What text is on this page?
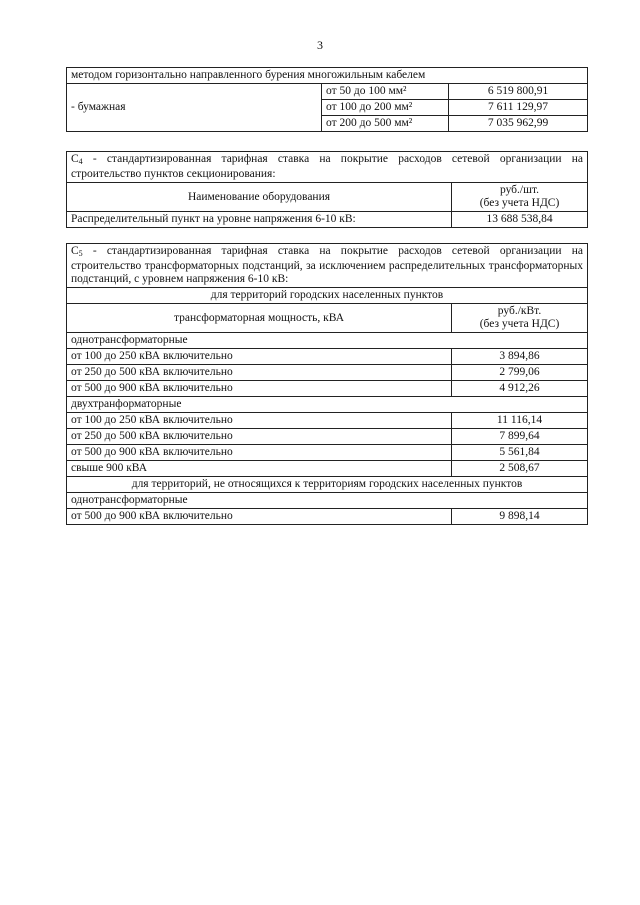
3
методом горизонтально направленного бурения многожильным кабелем		
- бумажная	от 50 до 100 мм²	6 519 800,91
	от 100 до 200 мм²	7 611 129,97
	от 200 до 500 мм²	7 035 962,99
$С_4$ - стандартизированная тарифная ставка на покрытие расходов сетевой организации на строительство пунктов секционирования:	
Наименование оборудования	руб./шт.
(без учета НДС)
Распределительный пункт на уровне напряжения 6-10 кВ:	13 688 538,84
$С_5$ - стандартизированная тарифная ставка на покрытие расходов сетевой организации на строительство трансформаторных подстанций, за исключением распределительных трансформаторных подстанций, с уровнем напряжения 6-10 кВ:	
для территорий городских населенных пунктов	
трансформаторная мощность, кВА	руб./кВт.
(без учета НДС)
однотрансформаторные	
от 100 до 250 кВА включительно	3 894,86
от 250 до 500 кВА включительно	2 799,06
от 500 до 900 кВА включительно	4 912,26
двухтранформаторные	
от 100 до 250 кВА включительно	11 116,14
от 250 до 500 кВА включительно	7 899,64
от 500 до 900 кВА включительно	5 561,84
свыше 900 кВА	2 508,67
для территорий, не относящихся к территориям городских населенных пунктов	
однотрансформаторные	
от 500 до 900 кВА включительно	9 898,14
